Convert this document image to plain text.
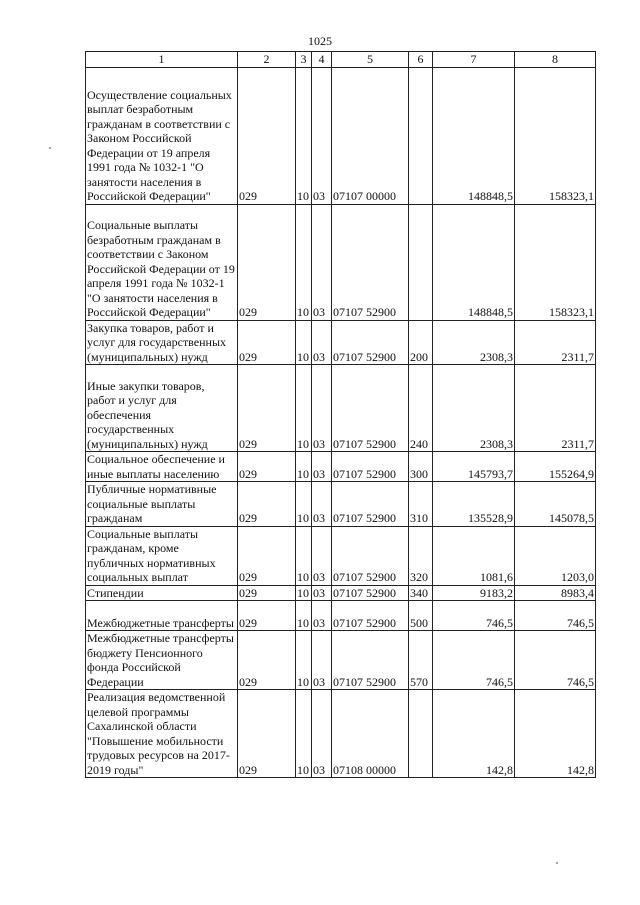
1025
1	2	3	4	5	6	7	8
Осуществление социальных выплат безработным гражданам в соответствии с Законом Российской Федерации от 19 апреля 1991 года № 1032-1 "О занятости населения в Российской Федерации"	029	10	03	07107 00000		148848,5	158323,1
Социальные выплаты безработным гражданам в соответствии с Законом Российской Федерации от 19 апреля 1991 года № 1032-1 "О занятости населения в Российской Федерации"	029	10	03	07107 52900		148848,5	158323,1
Закупка товаров, работ и услуг для государственных (муниципальных) нужд	029	10	03	07107 52900	200	2308,3	2311,7
Иные закупки товаров, работ и услуг для обеспечения государственных (муниципальных) нужд	029	10	03	07107 52900	240	2308,3	2311,7
Социальное обеспечение и иные выплаты населению	029	10	03	07107 52900	300	145793,7	155264,9
Публичные нормативные социальные выплаты гражданам	029	10	03	07107 52900	310	135528,9	145078,5
Социальные выплаты гражданам, кроме публичных нормативных социальных выплат	029	10	03	07107 52900	320	1081,6	1203,0
Стипендии	029	10	03	07107 52900	340	9183,2	8983,4
Межбюджетные трансферты	029	10	03	07107 52900	500	746,5	746,5
Межбюджетные трансферты бюджету Пенсионного фонда Российской Федерации	029	10	03	07107 52900	570	746,5	746,5
Реализация ведомственной целевой программы Сахалинской области "Повышение мобильности трудовых ресурсов на 2017-2019 годы"	029	10	03	07108 00000		142,8	142,8
